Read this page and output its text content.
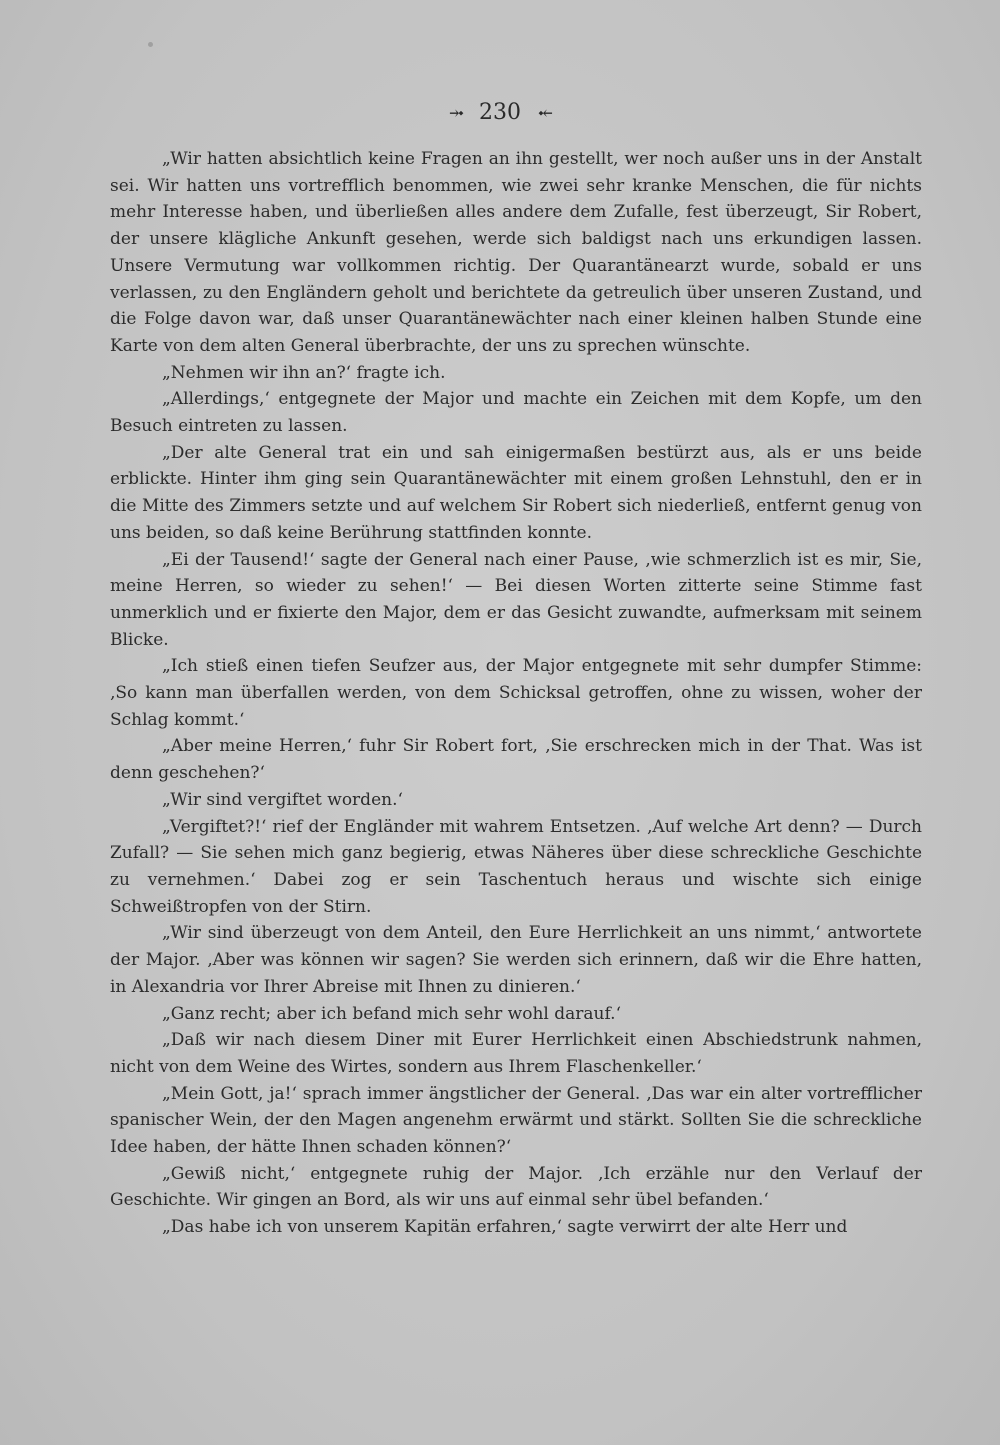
⤞ 230 ⤝

„Wir hatten absichtlich keine Fragen an ihn gestellt, wer noch außer uns in der Anstalt sei. Wir hatten uns vortrefflich benommen, wie zwei sehr kranke Menschen, die für nichts mehr Interesse haben, und überließen alles andere dem Zufalle, fest überzeugt, Sir Robert, der unsere klägliche Ankunft gesehen, werde sich baldigst nach uns erkundigen lassen. Unsere Vermutung war vollkommen richtig. Der Quarantänearzt wurde, sobald er uns verlassen, zu den Engländern geholt und berichtete da getreulich über unseren Zustand, und die Folge davon war, daß unser Quarantänewächter nach einer kleinen halben Stunde eine Karte von dem alten General überbrachte, der uns zu sprechen wünschte.

„Nehmen wir ihn an?‘ fragte ich.

„Allerdings,‘ entgegnete der Major und machte ein Zeichen mit dem Kopfe, um den Besuch eintreten zu lassen.

„Der alte General trat ein und sah einigermaßen bestürzt aus, als er uns beide erblickte. Hinter ihm ging sein Quarantänewächter mit einem großen Lehnstuhl, den er in die Mitte des Zimmers setzte und auf welchem Sir Robert sich niederließ, entfernt genug von uns beiden, so daß keine Berührung stattfinden konnte.

„Ei der Tausend!‘ sagte der General nach einer Pause, ‚wie schmerzlich ist es mir, Sie, meine Herren, so wieder zu sehen!‘ — Bei diesen Worten zitterte seine Stimme fast unmerklich und er fixierte den Major, dem er das Gesicht zuwandte, aufmerksam mit seinem Blicke.

„Ich stieß einen tiefen Seufzer aus, der Major entgegnete mit sehr dumpfer Stimme: ‚So kann man überfallen werden, von dem Schicksal getroffen, ohne zu wissen, woher der Schlag kommt.‘

„Aber meine Herren,‘ fuhr Sir Robert fort, ‚Sie erschrecken mich in der That. Was ist denn geschehen?‘

„Wir sind vergiftet worden.‘

„Vergiftet?!‘ rief der Engländer mit wahrem Entsetzen. ‚Auf welche Art denn? — Durch Zufall? — Sie sehen mich ganz begierig, etwas Näheres über diese schreckliche Geschichte zu vernehmen.‘ Dabei zog er sein Taschentuch heraus und wischte sich einige Schweißtropfen von der Stirn.

„Wir sind überzeugt von dem Anteil, den Eure Herrlichkeit an uns nimmt,‘ antwortete der Major. ‚Aber was können wir sagen? Sie werden sich erinnern, daß wir die Ehre hatten, in Alexandria vor Ihrer Abreise mit Ihnen zu dinieren.‘

„Ganz recht; aber ich befand mich sehr wohl darauf.‘

„Daß wir nach diesem Diner mit Eurer Herrlichkeit einen Abschiedstrunk nahmen, nicht von dem Weine des Wirtes, sondern aus Ihrem Flaschenkeller.‘

„Mein Gott, ja!‘ sprach immer ängstlicher der General. ‚Das war ein alter vortrefflicher spanischer Wein, der den Magen angenehm erwärmt und stärkt. Sollten Sie die schreckliche Idee haben, der hätte Ihnen schaden können?‘

„Gewiß nicht,‘ entgegnete ruhig der Major. ‚Ich erzähle nur den Verlauf der Geschichte. Wir gingen an Bord, als wir uns auf einmal sehr übel befanden.‘

„Das habe ich von unserem Kapitän erfahren,‘ sagte verwirrt der alte Herr und
